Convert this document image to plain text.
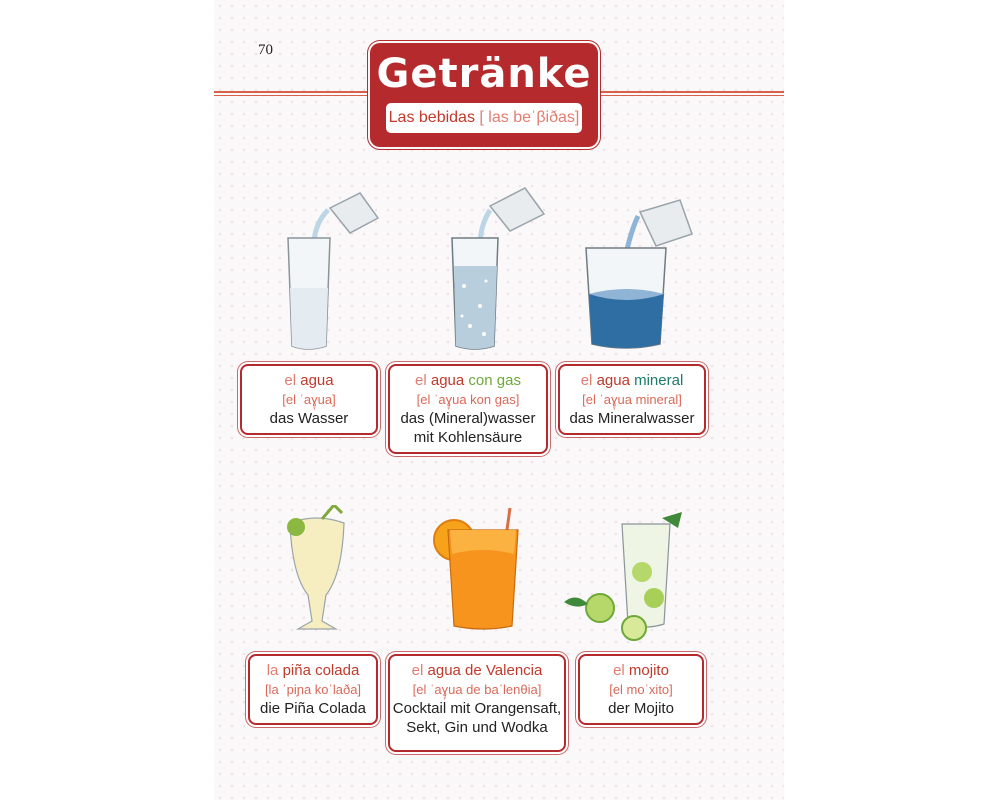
70
Getränke
Las bebidas [ las beˈβiðas]
el agua
[el ˈaɣ̞ua]
das Wasser
el agua con gas
[el ˈaɣ̞ua kon gas]
das (Mineral)wasser
mit Kohlensäure
el agua mineral
[el ˈaɣ̞ua mineral]
das Mineralwasser
la piña colada
[la ˈpiɲa koˈlaða]
die Piña Colada
el agua de Valencia
[el ˈaɣ̞ua de baˈlenθia]
Cocktail mit Orangensaft,
Sekt, Gin und Wodka
el mojito
[el moˈxito]
der Mojito
